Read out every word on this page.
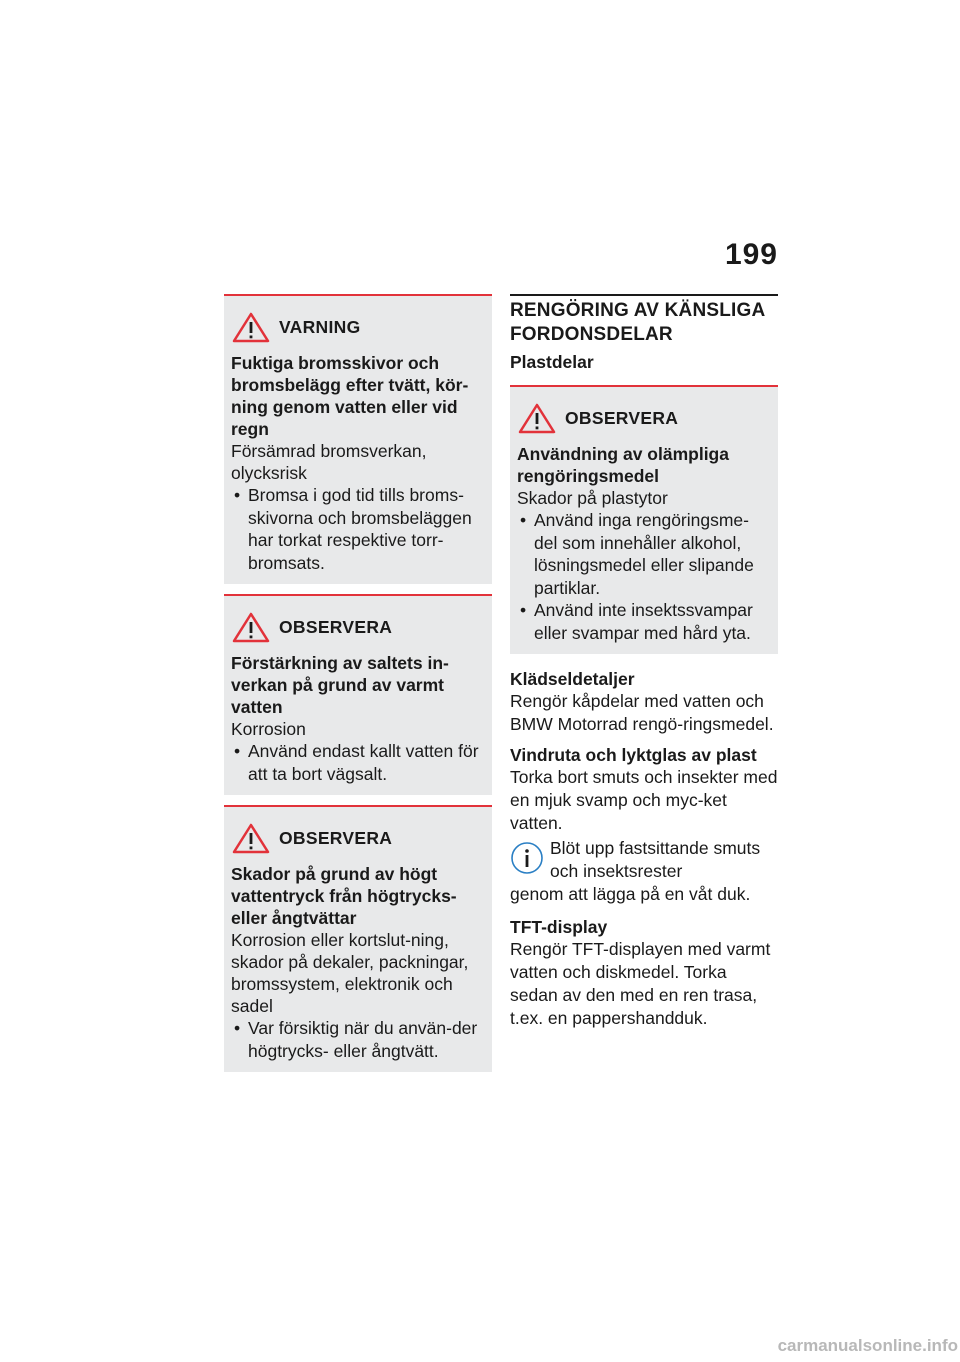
199
VARNING
Fuktiga bromsskivor och bromsbelägg efter tvätt, kör-ning genom vatten eller vid regn
Försämrad bromsverkan, olycksrisk
• Bromsa i god tid tills broms-skivorna och bromsbeläggen har torkat respektive torr-bromsats.
OBSERVERA
Förstärkning av saltets in-verkan på grund av varmt vatten
Korrosion
• Använd endast kallt vatten för att ta bort vägsalt.
OBSERVERA
Skador på grund av högt vattentryck från högtrycks- eller ångtvättar
Korrosion eller kortslut-ning, skador på dekaler, packningar, bromssystem, elektronik och sadel
• Var försiktig när du använ-der högtrycks- eller ångtvätt.
RENGÖRING AV KÄNSLIGA FORDONSDELAR
Plastdelar
OBSERVERA
Användning av olämpliga rengöringsmedel
Skador på plastytor
• Använd inga rengöringsme-del som innehåller alkohol, lösningsmedel eller slipande partiklar.
• Använd inte insektssvampar eller svampar med hård yta.
Klädseldetaljer
Rengör kåpdelar med vatten och BMW Motorrad rengö-ringsmedel.
Vindruta och lyktglas av plast
Torka bort smuts och insekter med en mjuk svamp och myc-ket vatten.
Blöt upp fastsittande smuts och insektsrester
genom att lägga på en våt duk.
TFT-display
Rengör TFT-displayen med varmt vatten och diskmedel. Torka sedan av den med en ren trasa, t.ex. en pappershandduk.
carmanualsonline.info
